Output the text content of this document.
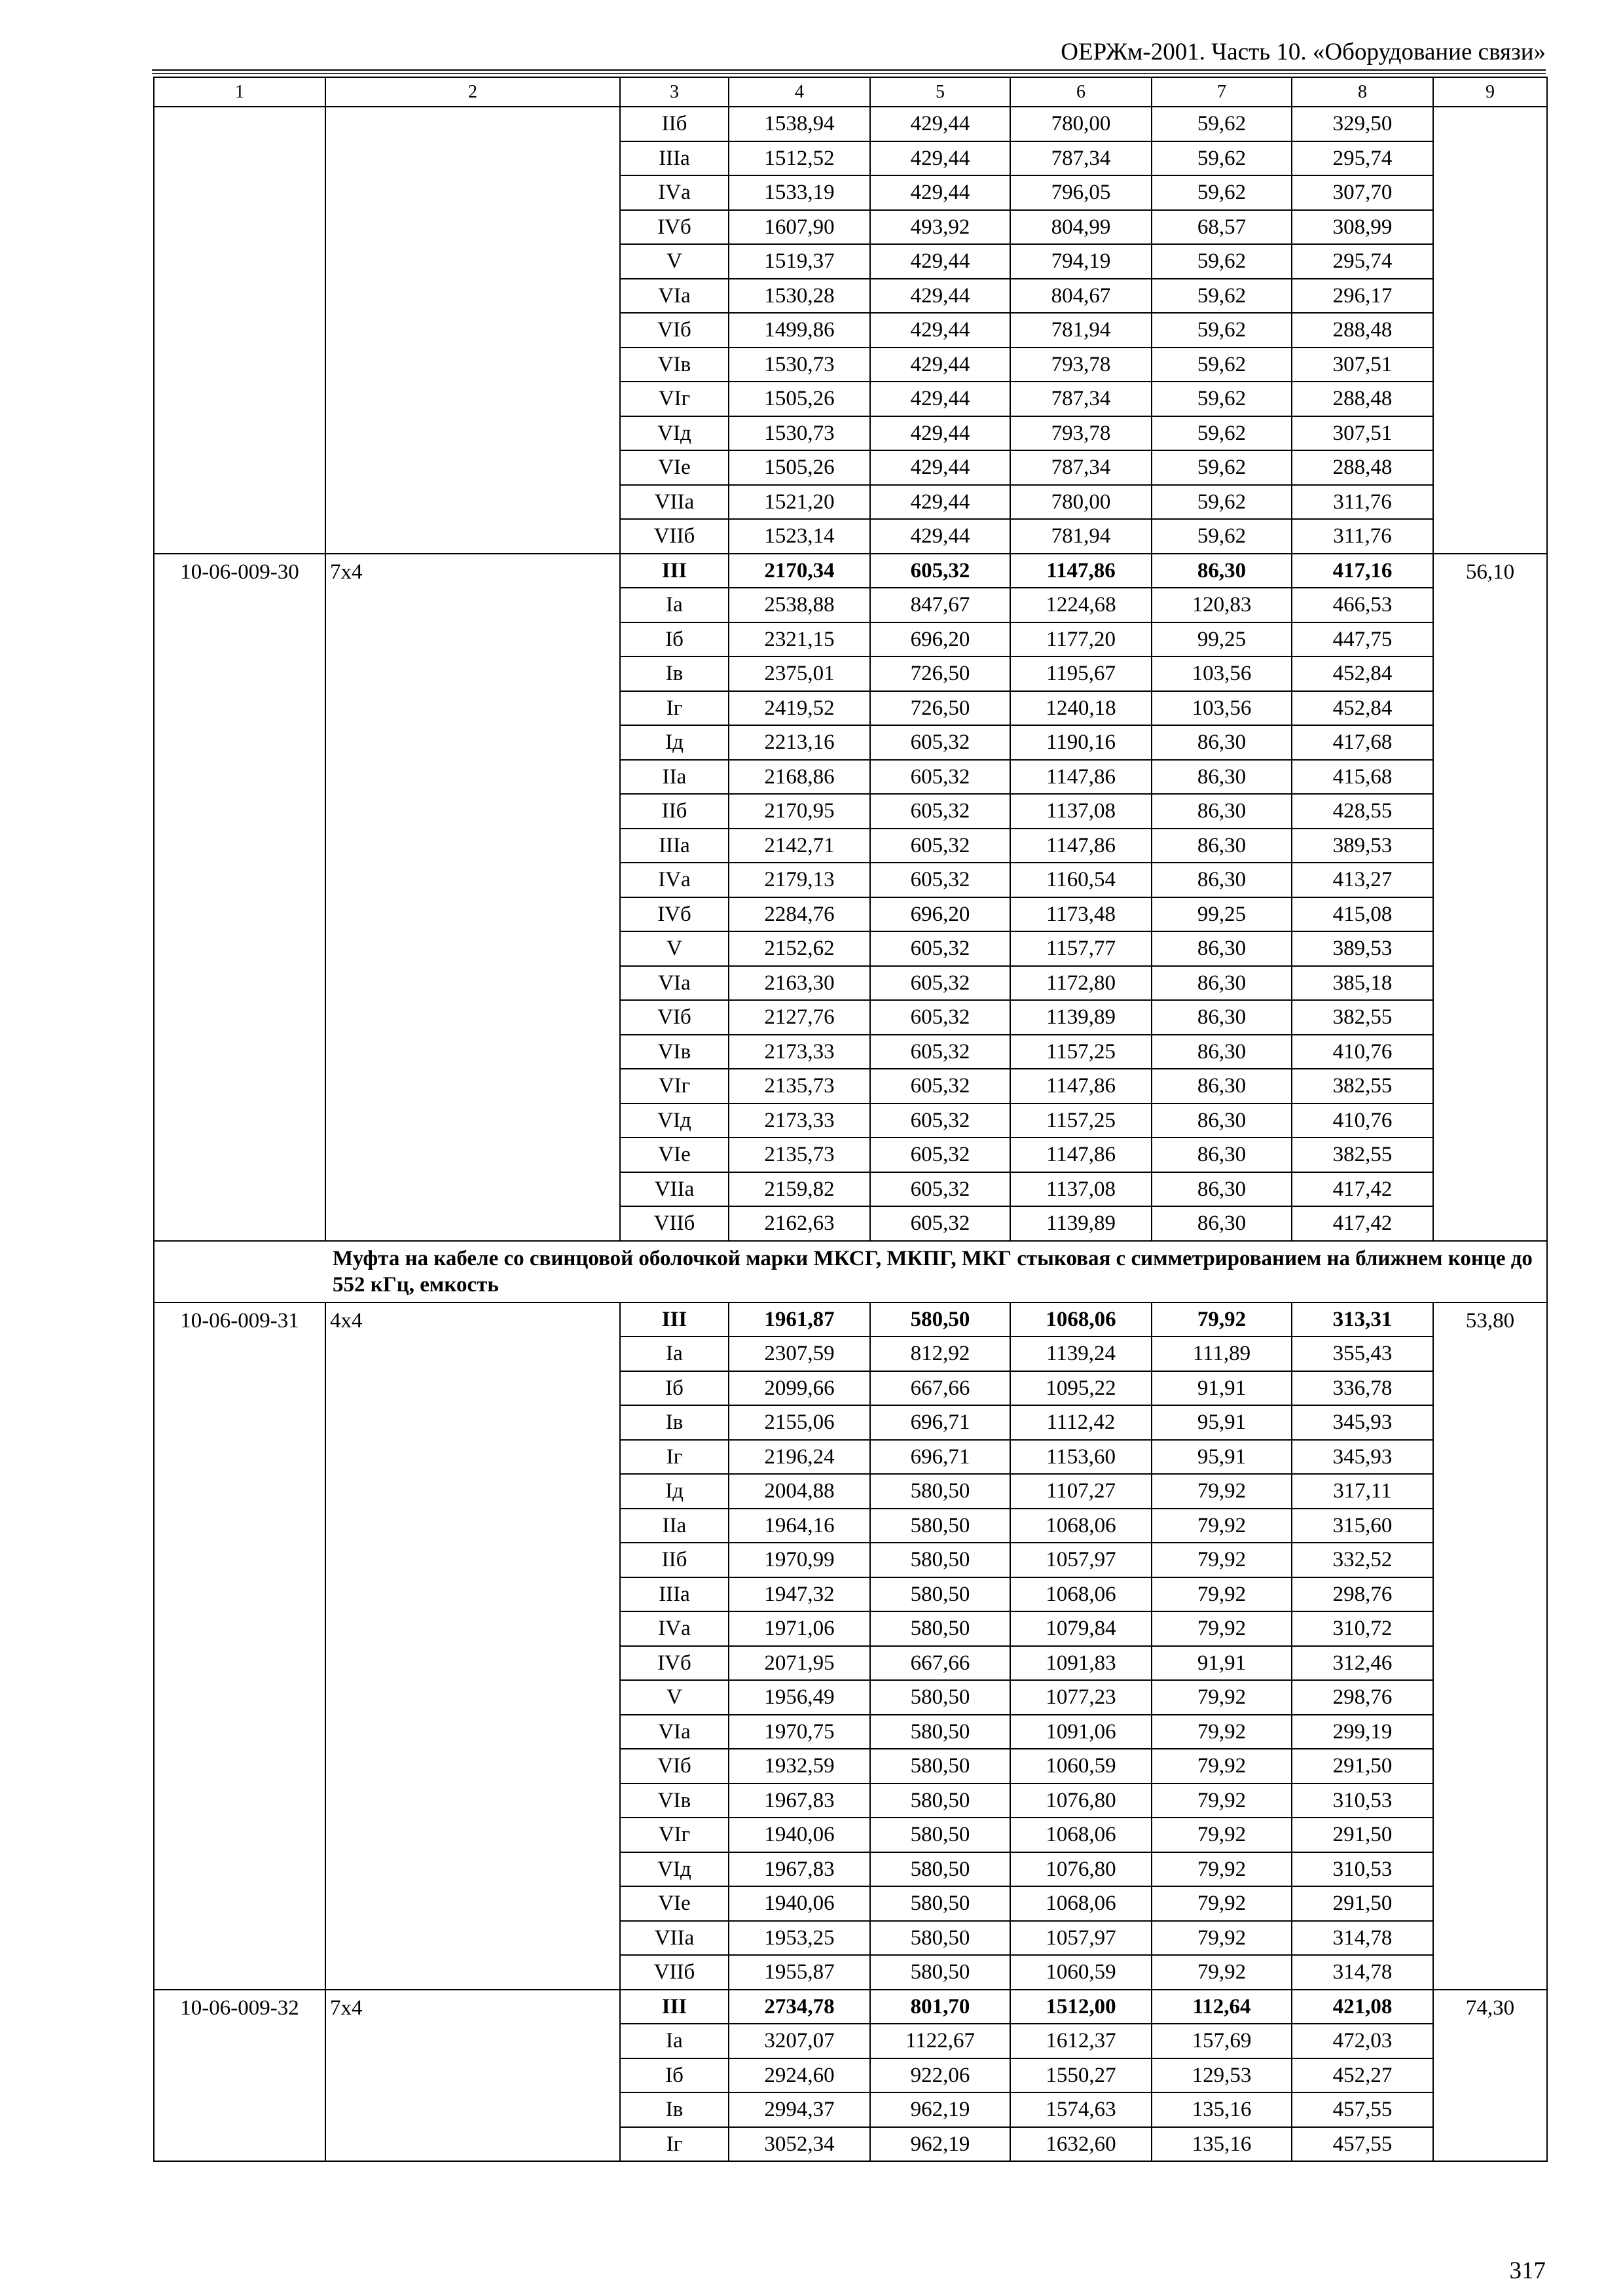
ОЕРЖм-2001. Часть 10. «Оборудование связи»
1	2	3	4	5	6	7	8	9
		IIб	1538,94	429,44	780,00	59,62	329,50	
		IIIа	1512,52	429,44	787,34	59,62	295,74	
		IVа	1533,19	429,44	796,05	59,62	307,70	
		IVб	1607,90	493,92	804,99	68,57	308,99	
		V	1519,37	429,44	794,19	59,62	295,74	
		VIа	1530,28	429,44	804,67	59,62	296,17	
		VIб	1499,86	429,44	781,94	59,62	288,48	
		VIв	1530,73	429,44	793,78	59,62	307,51	
		VIг	1505,26	429,44	787,34	59,62	288,48	
		VIд	1530,73	429,44	793,78	59,62	307,51	
		VIе	1505,26	429,44	787,34	59,62	288,48	
		VIIа	1521,20	429,44	780,00	59,62	311,76	
		VIIб	1523,14	429,44	781,94	59,62	311,76	
10-06-009-30	7x4	III	2170,34	605,32	1147,86	86,30	417,16	56,10
		Iа	2538,88	847,67	1224,68	120,83	466,53	
		Iб	2321,15	696,20	1177,20	99,25	447,75	
		Iв	2375,01	726,50	1195,67	103,56	452,84	
		Iг	2419,52	726,50	1240,18	103,56	452,84	
		Iд	2213,16	605,32	1190,16	86,30	417,68	
		IIа	2168,86	605,32	1147,86	86,30	415,68	
		IIб	2170,95	605,32	1137,08	86,30	428,55	
		IIIа	2142,71	605,32	1147,86	86,30	389,53	
		IVа	2179,13	605,32	1160,54	86,30	413,27	
		IVб	2284,76	696,20	1173,48	99,25	415,08	
		V	2152,62	605,32	1157,77	86,30	389,53	
		VIа	2163,30	605,32	1172,80	86,30	385,18	
		VIб	2127,76	605,32	1139,89	86,30	382,55	
		VIв	2173,33	605,32	1157,25	86,30	410,76	
		VIг	2135,73	605,32	1147,86	86,30	382,55	
		VIд	2173,33	605,32	1157,25	86,30	410,76	
		VIе	2135,73	605,32	1147,86	86,30	382,55	
		VIIа	2159,82	605,32	1137,08	86,30	417,42	
		VIIб	2162,63	605,32	1139,89	86,30	417,42	
Муфта на кабеле со свинцовой оболочкой марки МКСГ, МКПГ, МКГ стыковая с симметрированием на ближнем конце до 552 кГц, емкость								
10-06-009-31	4x4	III	1961,87	580,50	1068,06	79,92	313,31	53,80
		Iа	2307,59	812,92	1139,24	111,89	355,43	
		Iб	2099,66	667,66	1095,22	91,91	336,78	
		Iв	2155,06	696,71	1112,42	95,91	345,93	
		Iг	2196,24	696,71	1153,60	95,91	345,93	
		Iд	2004,88	580,50	1107,27	79,92	317,11	
		IIа	1964,16	580,50	1068,06	79,92	315,60	
		IIб	1970,99	580,50	1057,97	79,92	332,52	
		IIIа	1947,32	580,50	1068,06	79,92	298,76	
		IVа	1971,06	580,50	1079,84	79,92	310,72	
		IVб	2071,95	667,66	1091,83	91,91	312,46	
		V	1956,49	580,50	1077,23	79,92	298,76	
		VIа	1970,75	580,50	1091,06	79,92	299,19	
		VIб	1932,59	580,50	1060,59	79,92	291,50	
		VIв	1967,83	580,50	1076,80	79,92	310,53	
		VIг	1940,06	580,50	1068,06	79,92	291,50	
		VIд	1967,83	580,50	1076,80	79,92	310,53	
		VIе	1940,06	580,50	1068,06	79,92	291,50	
		VIIа	1953,25	580,50	1057,97	79,92	314,78	
		VIIб	1955,87	580,50	1060,59	79,92	314,78	
10-06-009-32	7x4	III	2734,78	801,70	1512,00	112,64	421,08	74,30
		Iа	3207,07	1122,67	1612,37	157,69	472,03	
		Iб	2924,60	922,06	1550,27	129,53	452,27	
		Iв	2994,37	962,19	1574,63	135,16	457,55	
		Iг	3052,34	962,19	1632,60	135,16	457,55	
317
